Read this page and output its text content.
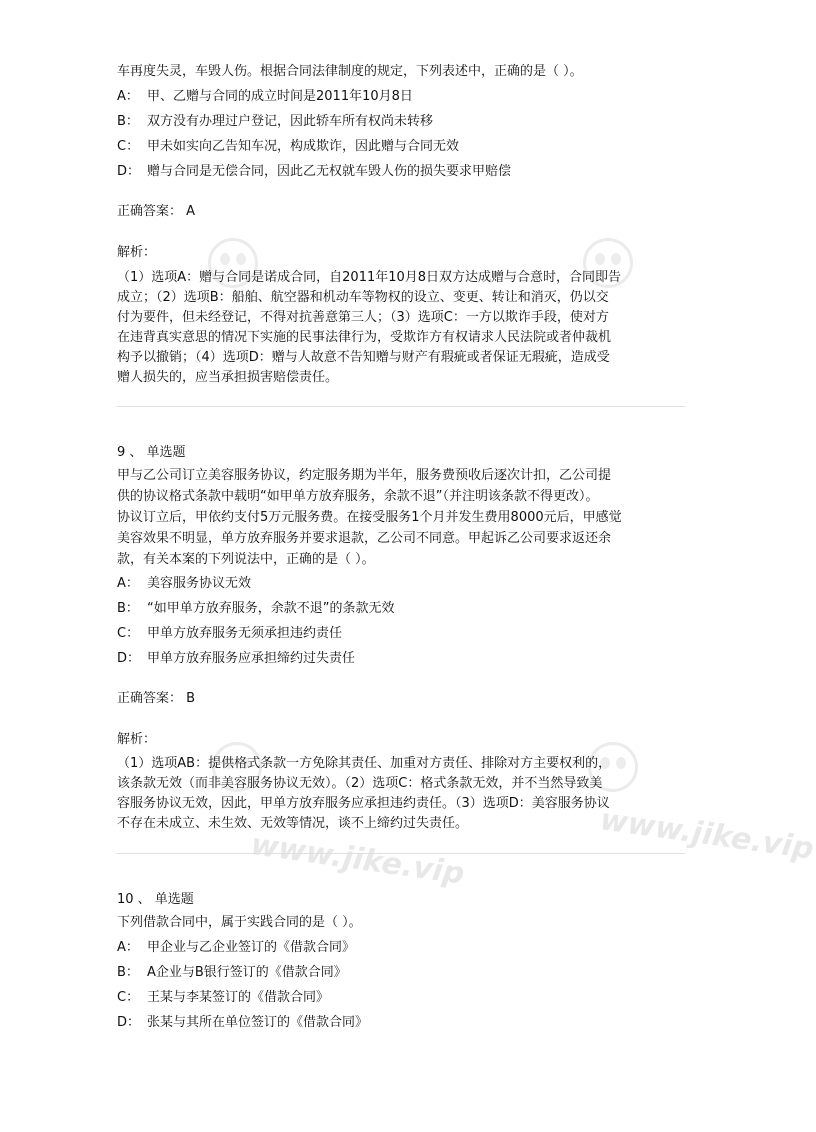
www.jike.vip	www.jike.vip
车再度失灵，车毁人伤。根据合同法律制度的规定，下列表述中，正确的是（ ）。
A： 甲、乙赠与合同的成立时间是2011年10月8日
B： 双方没有办理过户登记，因此轿车所有权尚未转移
C： 甲未如实向乙告知车况，构成欺诈，因此赠与合同无效
D： 赠与合同是无偿合同，因此乙无权就车毁人伤的损失要求甲赔偿
正确答案： A
解析：
（1）选项A：赠与合同是诺成合同，自2011年10月8日双方达成赠与合意时，合同即告
成立；（2）选项B：船舶、航空器和机动车等物权的设立、变更、转让和消灭，仍以交
付为要件，但未经登记，不得对抗善意第三人；（3）选项C：一方以欺诈手段，使对方
在违背真实意思的情况下实施的民事法律行为，受欺诈方有权请求人民法院或者仲裁机
构予以撤销；（4）选项D：赠与人故意不告知赠与财产有瑕疵或者保证无瑕疵，造成受
赠人损失的，应当承担损害赔偿责任。
9 、 单选题
甲与乙公司订立美容服务协议，约定服务期为半年，服务费预收后逐次计扣，乙公司提
供的协议格式条款中载明“如甲单方放弃服务，余款不退”（并注明该条款不得更改）。
协议订立后，甲依约支付5万元服务费。在接受服务1个月并发生费用8000元后，甲感觉
美容效果不明显，单方放弃服务并要求退款，乙公司不同意。甲起诉乙公司要求返还余
款，有关本案的下列说法中，正确的是（ ）。
A： 美容服务协议无效
B： “如甲单方放弃服务，余款不退”的条款无效
C： 甲单方放弃服务无须承担违约责任
D： 甲单方放弃服务应承担缔约过失责任
正确答案： B
解析：
（1）选项AB：提供格式条款一方免除其责任、加重对方责任、排除对方主要权利的，
该条款无效（而非美容服务协议无效）。（2）选项C：格式条款无效，并不当然导致美
容服务协议无效，因此，甲单方放弃服务应承担违约责任。（3）选项D：美容服务协议
不存在未成立、未生效、无效等情况，谈不上缔约过失责任。
10 、 单选题
下列借款合同中，属于实践合同的是（ ）。
A： 甲企业与乙企业签订的《借款合同》
B： A企业与B银行签订的《借款合同》
C： 王某与李某签订的《借款合同》
D： 张某与其所在单位签订的《借款合同》
